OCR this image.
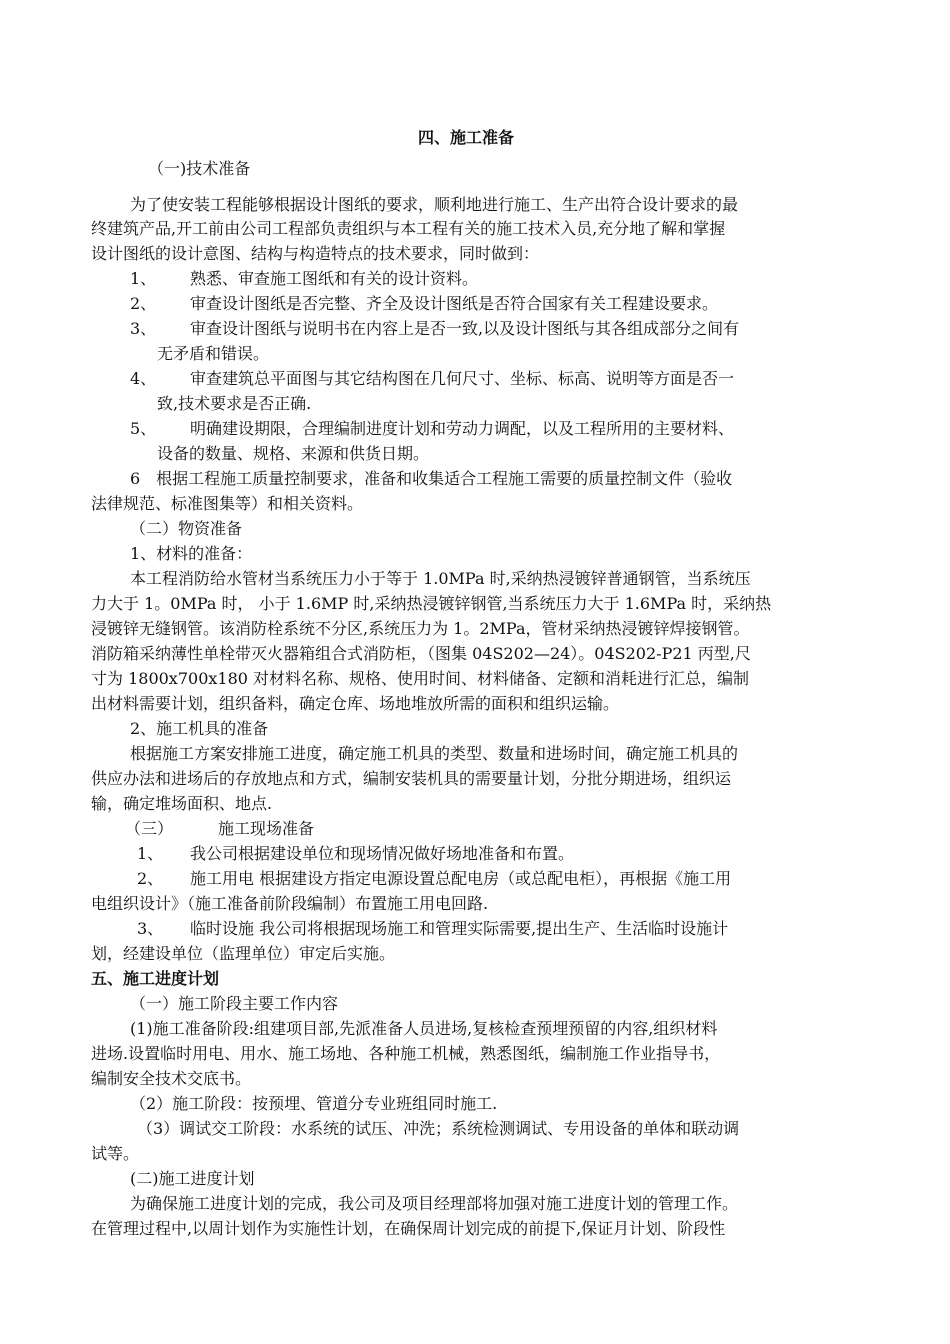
四、施工准备
（一)技术准备
为了使安装工程能够根据设计图纸的要求，顺利地进行施工、生产出符合设计要求的最
终建筑产品,开工前由公司工程部负责组织与本工程有关的施工技术入员,充分地了解和掌握
设计图纸的设计意图、结构与构造特点的技术要求，同时做到：
1、 熟悉、审查施工图纸和有关的设计资料。
2、 审查设计图纸是否完整、齐全及设计图纸是否符合国家有关工程建设要求。
3、 审查设计图纸与说明书在内容上是否一致,以及设计图纸与其各组成部分之间有
无矛盾和错误。
4、 审查建筑总平面图与其它结构图在几何尺寸、坐标、标高、说明等方面是否一
致,技术要求是否正确.
5、 明确建设期限，合理编制进度计划和劳动力调配，以及工程所用的主要材料、
设备的数量、规格、来源和供货日期。
6　根据工程施工质量控制要求，准备和收集适合工程施工需要的质量控制文件（验收
法律规范、标准图集等）和相关资料。
（二）物资准备
1、材料的准备：
本工程消防给水管材当系统压力小于等于 1.0MPa 时,采纳热浸镀锌普通钢管，当系统压
力大于 1。0MPa 时， 小于 1.6MP 时,采纳热浸镀锌钢管,当系统压力大于 1.6MPa 时，采纳热
浸镀锌无缝钢管。该消防栓系统不分区,系统压力为 1。2MPa，管材采纳热浸镀锌焊接钢管。
消防箱采纳薄性单栓带灭火器箱组合式消防柜，（图集 04S202—24）。04S202-P21 丙型,尺
寸为 1800x700x180 对材料名称、规格、使用时间、材料储备、定额和消耗进行汇总，编制
出材料需要计划，组织备料，确定仓库、场地堆放所需的面积和组织运输。
2、施工机具的准备
根据施工方案安排施工进度，确定施工机具的类型、数量和进场时间，确定施工机具的
供应办法和进场后的存放地点和方式，编制安装机具的需要量计划，分批分期进场，组织运
输，确定堆场面积、地点.
（三）	施工现场准备
1、 我公司根据建设单位和现场情况做好场地准备和布置。
2、 施工用电 根据建设方指定电源设置总配电房（或总配电柜），再根据《施工用
电组织设计》（施工准备前阶段编制）布置施工用电回路.
3、 临时设施 我公司将根据现场施工和管理实际需要,提出生产、生活临时设施计
划，经建设单位（监理单位）审定后实施。
五、施工进度计划
（一）施工阶段主要工作内容
(1)施工准备阶段:组建项目部,先派准备人员进场,复核检查预埋预留的内容,组织材料
进场.设置临时用电、用水、施工场地、各种施工机械，熟悉图纸，编制施工作业指导书，
编制安全技术交底书。
（2）施工阶段：按预埋、管道分专业班组同时施工.
（3）调试交工阶段：水系统的试压、冲洗；系统检测调试、专用设备的单体和联动调
试等。
(二)施工进度计划
为确保施工进度计划的完成，我公司及项目经理部将加强对施工进度计划的管理工作。
在管理过程中,以周计划作为实施性计划，在确保周计划完成的前提下,保证月计划、阶段性
